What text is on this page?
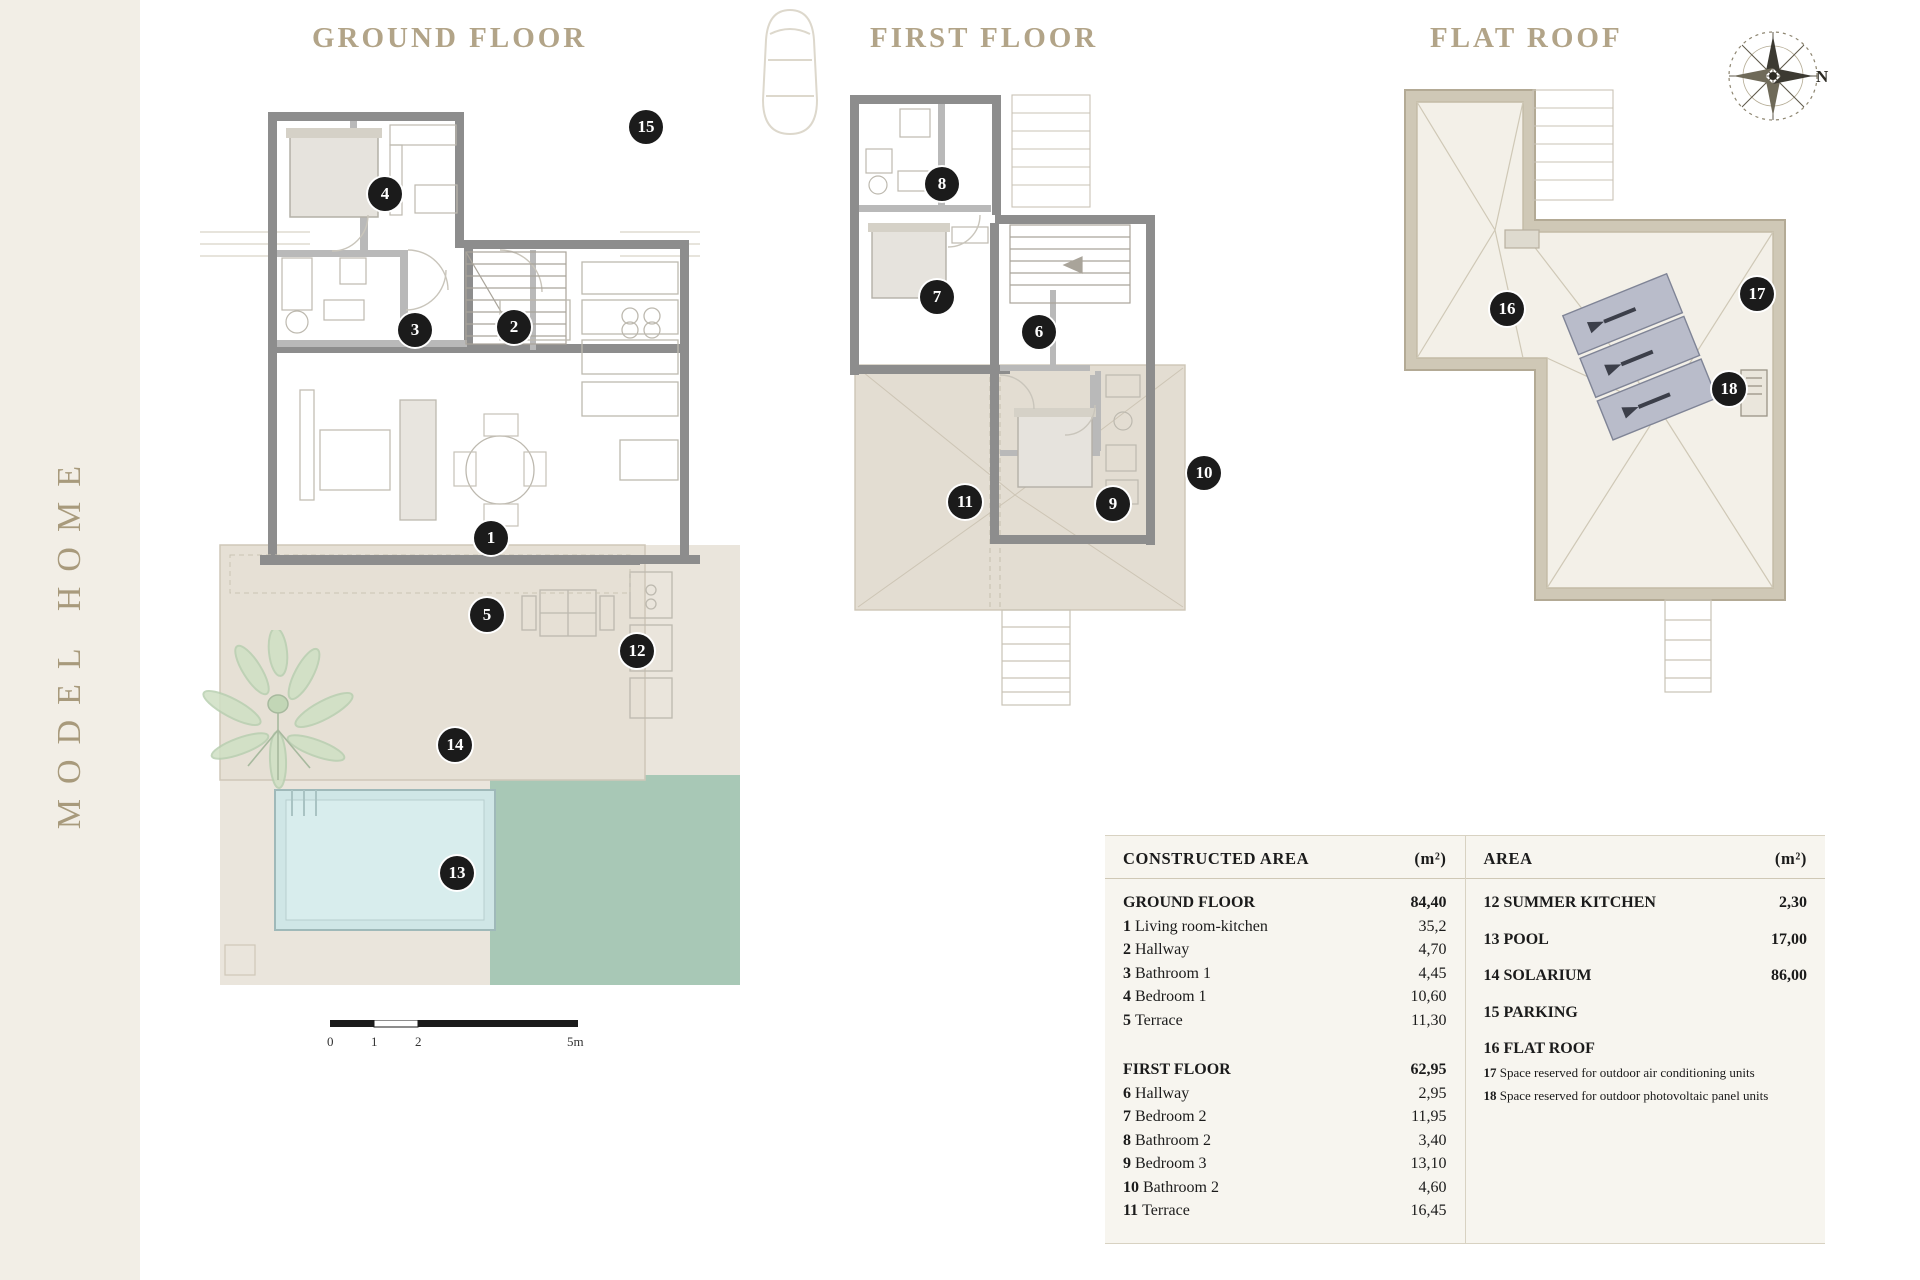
MODEL HOME
GROUND FLOOR	FIRST FLOOR	FLAT ROOF
N
4
3	2
15
1
5
12
14
13
0	1	2	5m
8
7
6
11	9
10
16
17
18
CONSTRUCTED AREA	(m²)
GROUND FLOOR	84,40
1 Living room-kitchen	35,2
2 Hallway	4,70
3 Bathroom 1	4,45
4 Bedroom 1	10,60
5 Terrace	11,30
FIRST FLOOR	62,95
6 Hallway	2,95
7 Bedroom 2	11,95
8 Bathroom 2	3,40
9 Bedroom 3	13,10
10 Bathroom 2	4,60
11 Terrace	16,45
AREA	(m²)
12 SUMMER KITCHEN	2,30
13 POOL	17,00
14 SOLARIUM	86,00
15 PARKING
16 FLAT ROOF
17 Space reserved for outdoor air conditioning units
18 Space reserved for outdoor photovoltaic panel units
